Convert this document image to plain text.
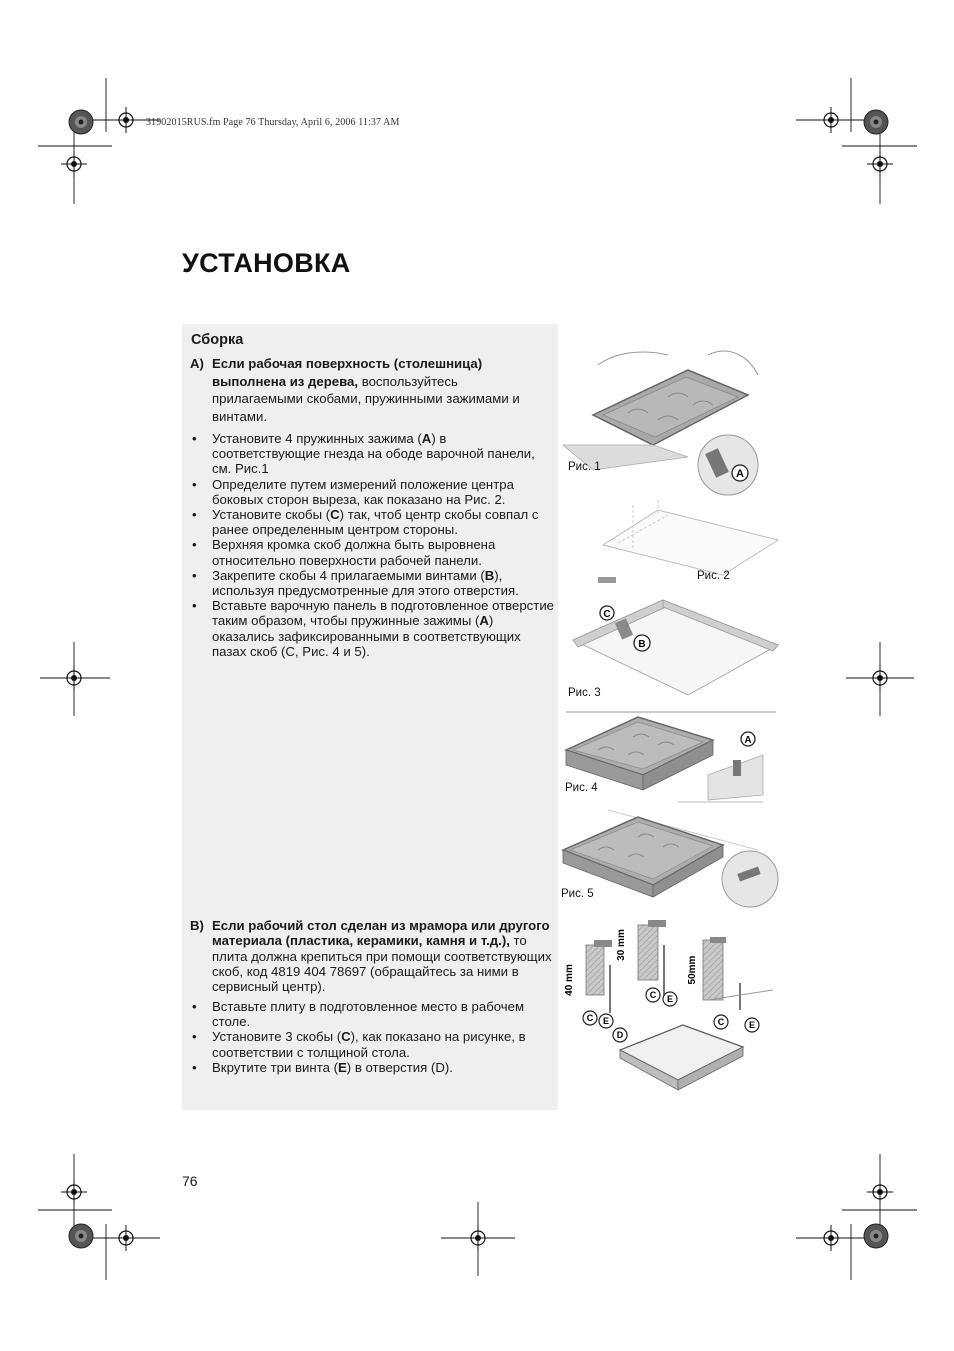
31902015RUS.fm Page 76 Thursday, April 6, 2006 11:37 AM
УСТАНОВКА
Сборка
A) Если рабочая поверхность (столешница) выполнена из дерева, воспользуйтесь прилагаемыми скобами, пружинными зажимами и винтами.
• Установите 4 пружинных зажима (A) в соответствующие гнезда на ободе варочной панели, см. Рис.1
• Определите путем измерений положение центра боковых сторон выреза, как показано на Рис. 2.
• Установите скобы (C) так, чтоб центр скобы совпал с ранее определенным центром стороны.
• Верхняя кромка скоб должна быть выровнена относительно поверхности рабочей панели.
• Закрепите скобы 4 прилагаемыми винтами (B), используя предусмотренные для этого отверстия.
• Вставьте варочную панель в подготовленное отверстие таким образом, чтобы пружинные зажимы (A) оказались зафиксированными в соответствующих пазах скоб (C, Рис. 4 и 5).
B) Если рабочий стол сделан из мрамора или другого материала (пластика, керамики, камня и т.д.), то плита должна крепиться при помощи соответствующих скоб, код 4819 404 78697 (обращайтесь за ними в сервисный центр).
• Вставьте плиту в подготовленное место в рабочем столе.
• Установите 3 скобы (C), как показано на рисунке, в соответствии с толщиной стола.
• Вкрутите три винта (E) в отверстия (D).
A
C
B
A
40 mm
30 mm
50mm
C E
D
C E
C	E
Рис. 1
Рис. 2
Рис. 3
Рис. 4
Рис. 5
76
